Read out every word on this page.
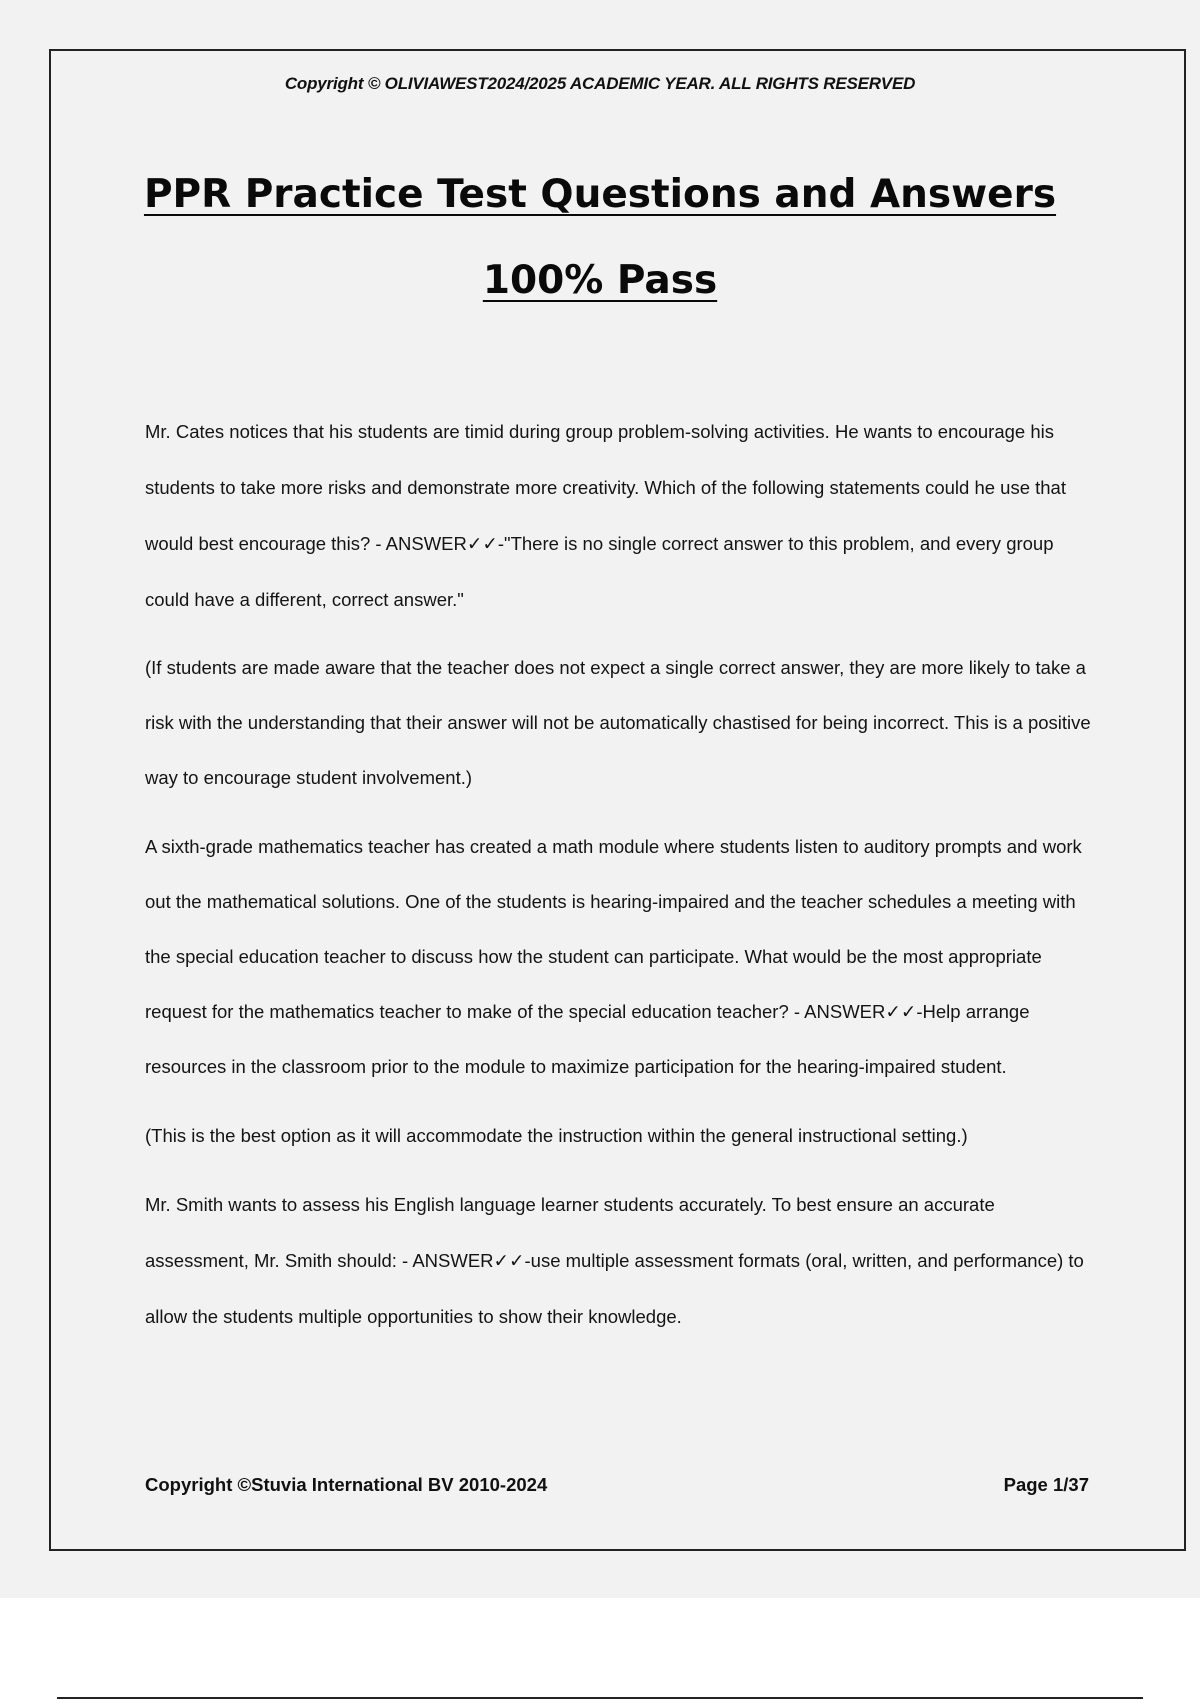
Copyright © OLIVIAWEST2024/2025 ACADEMIC YEAR. ALL RIGHTS RESERVED
PPR Practice Test Questions and Answers
100% Pass

Mr. Cates notices that his students are timid during group problem-solving activities. He wants to encourage his students to take more risks and demonstrate more creativity. Which of the following statements could he use that would best encourage this? - ANSWER✓✓-"There is no single correct answer to this problem, and every group could have a different, correct answer."

(If students are made aware that the teacher does not expect a single correct answer, they are more likely to take a risk with the understanding that their answer will not be automatically chastised for being incorrect. This is a positive way to encourage student involvement.)

A sixth-grade mathematics teacher has created a math module where students listen to auditory prompts and work out the mathematical solutions. One of the students is hearing-impaired and the teacher schedules a meeting with the special education teacher to discuss how the student can participate. What would be the most appropriate request for the mathematics teacher to make of the special education teacher? - ANSWER✓✓-Help arrange resources in the classroom prior to the module to maximize participation for the hearing-impaired student.

(This is the best option as it will accommodate the instruction within the general instructional setting.)

Mr. Smith wants to assess his English language learner students accurately. To best ensure an accurate assessment, Mr. Smith should: - ANSWER✓✓-use multiple assessment formats (oral, written, and performance) to allow the students multiple opportunities to show their knowledge.

Copyright ©Stuvia International BV 2010-2024	Page 1/37
